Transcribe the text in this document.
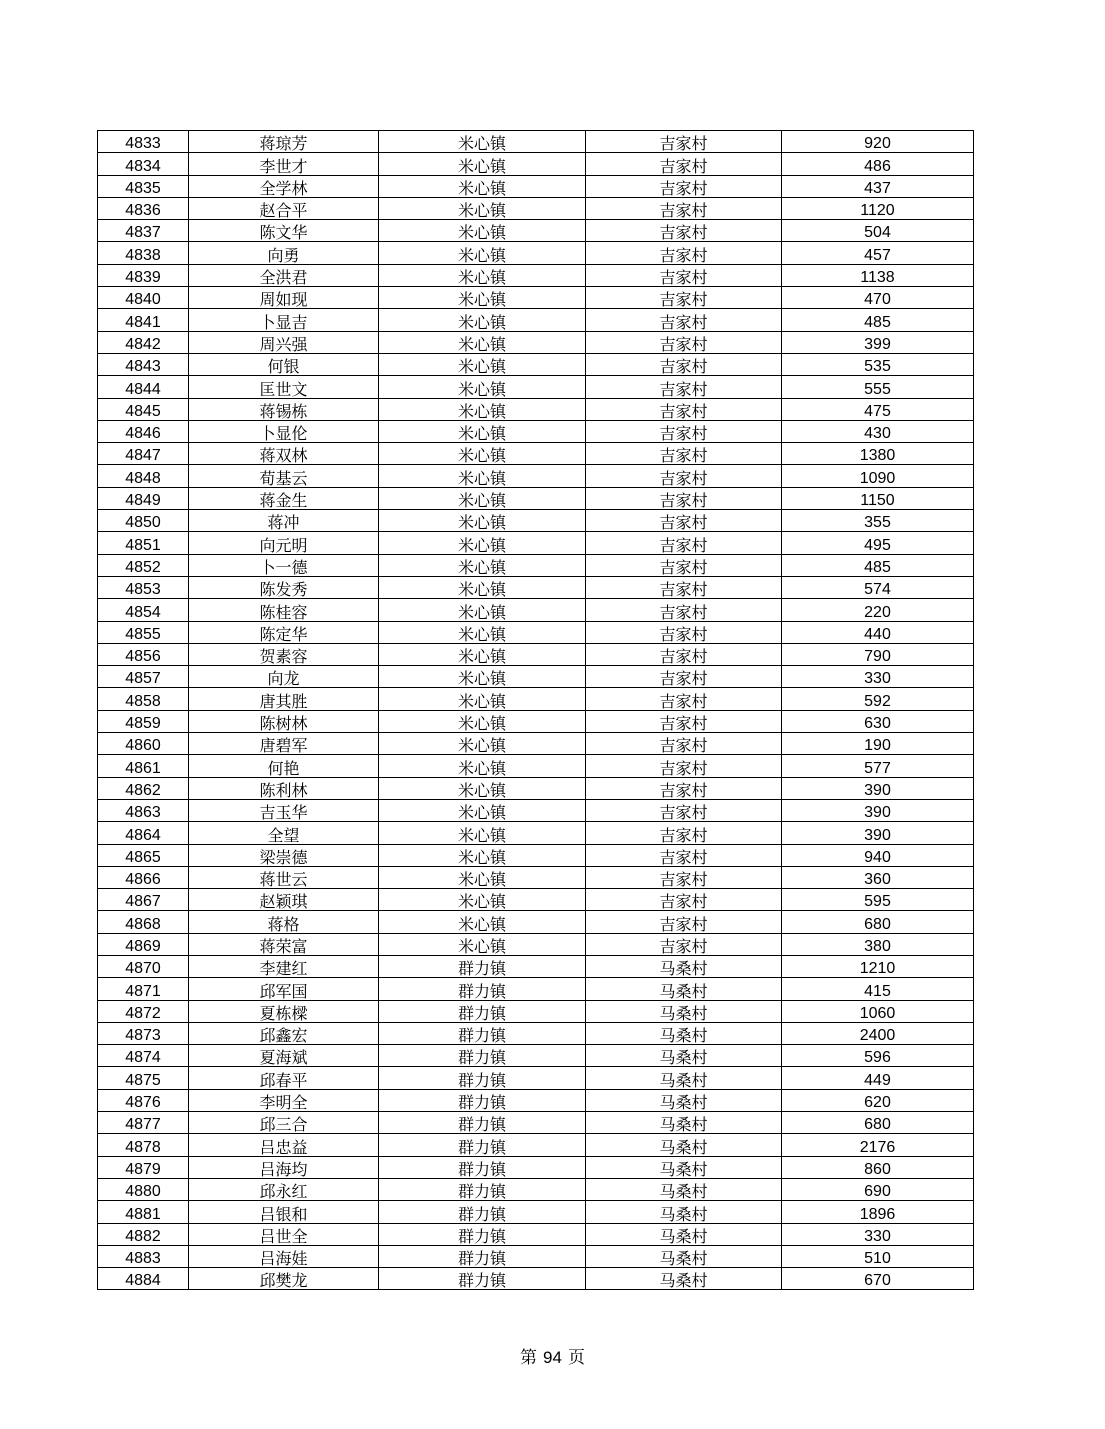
4833	蒋琼芳	米心镇	吉家村	920
4834	李世才	米心镇	吉家村	486
4835	全学林	米心镇	吉家村	437
4836	赵合平	米心镇	吉家村	1120
4837	陈文华	米心镇	吉家村	504
4838	向勇	米心镇	吉家村	457
4839	全洪君	米心镇	吉家村	1138
4840	周如现	米心镇	吉家村	470
4841	卜显吉	米心镇	吉家村	485
4842	周兴强	米心镇	吉家村	399
4843	何银	米心镇	吉家村	535
4844	匡世文	米心镇	吉家村	555
4845	蒋锡栋	米心镇	吉家村	475
4846	卜显伦	米心镇	吉家村	430
4847	蒋双林	米心镇	吉家村	1380
4848	荀基云	米心镇	吉家村	1090
4849	蒋金生	米心镇	吉家村	1150
4850	蒋冲	米心镇	吉家村	355
4851	向元明	米心镇	吉家村	495
4852	卜一德	米心镇	吉家村	485
4853	陈发秀	米心镇	吉家村	574
4854	陈桂容	米心镇	吉家村	220
4855	陈定华	米心镇	吉家村	440
4856	贺素容	米心镇	吉家村	790
4857	向龙	米心镇	吉家村	330
4858	唐其胜	米心镇	吉家村	592
4859	陈树林	米心镇	吉家村	630
4860	唐碧军	米心镇	吉家村	190
4861	何艳	米心镇	吉家村	577
4862	陈利林	米心镇	吉家村	390
4863	吉玉华	米心镇	吉家村	390
4864	全望	米心镇	吉家村	390
4865	梁崇德	米心镇	吉家村	940
4866	蒋世云	米心镇	吉家村	360
4867	赵颖琪	米心镇	吉家村	595
4868	蒋格	米心镇	吉家村	680
4869	蒋荣富	米心镇	吉家村	380
4870	李建红	群力镇	马桑村	1210
4871	邱军国	群力镇	马桑村	415
4872	夏栋樑	群力镇	马桑村	1060
4873	邱鑫宏	群力镇	马桑村	2400
4874	夏海斌	群力镇	马桑村	596
4875	邱春平	群力镇	马桑村	449
4876	李明全	群力镇	马桑村	620
4877	邱三合	群力镇	马桑村	680
4878	吕忠益	群力镇	马桑村	2176
4879	吕海均	群力镇	马桑村	860
4880	邱永红	群力镇	马桑村	690
4881	吕银和	群力镇	马桑村	1896
4882	吕世全	群力镇	马桑村	330
4883	吕海娃	群力镇	马桑村	510
4884	邱樊龙	群力镇	马桑村	670
第 94 页
